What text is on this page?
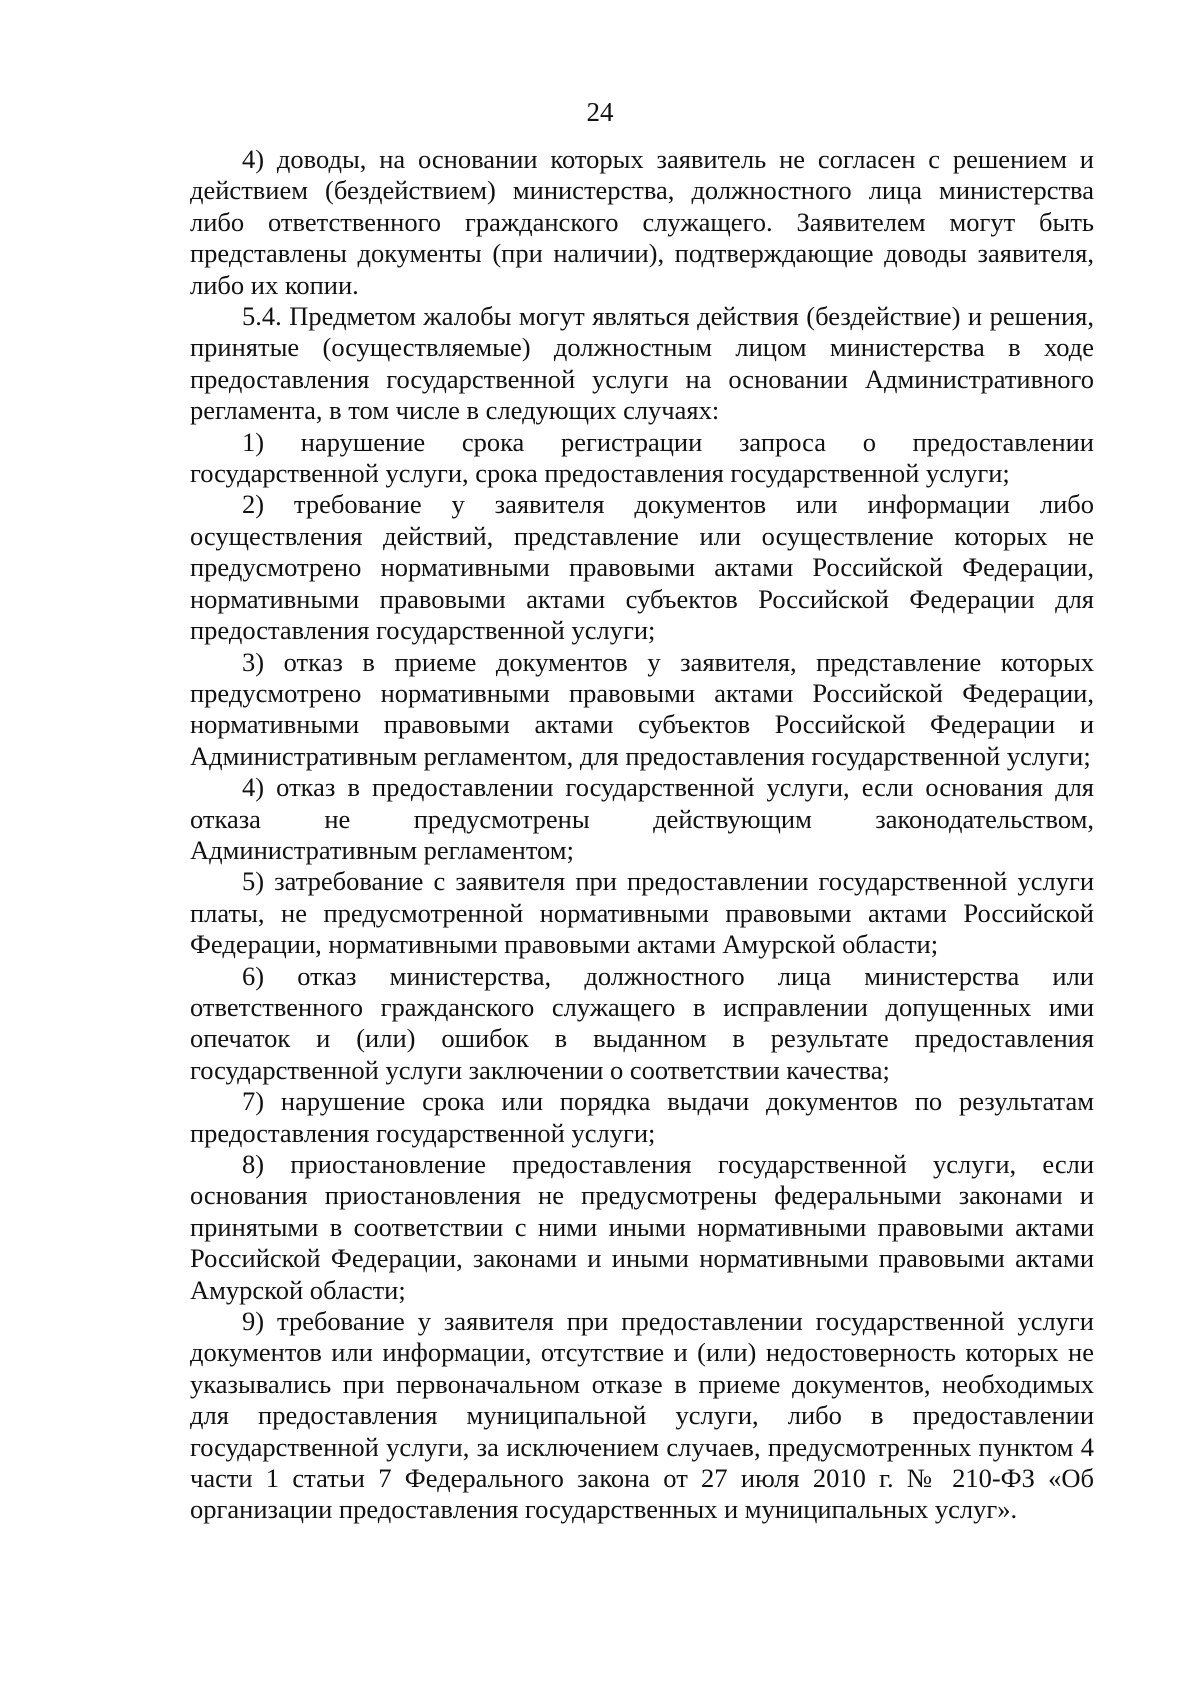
24

4) доводы, на основании которых заявитель не согласен с решением и действием (бездействием) министерства, должностного лица министерства либо ответственного гражданского служащего. Заявителем могут быть представлены документы (при наличии), подтверждающие доводы заявителя, либо их копии.

5.4. Предметом жалобы могут являться действия (бездействие) и решения, принятые (осуществляемые) должностным лицом министерства в ходе предоставления государственной услуги на основании Административного регламента, в том числе в следующих случаях:

1) нарушение срока регистрации запроса о предоставлении государственной услуги, срока предоставления государственной услуги;

2) требование у заявителя документов или информации либо осуществления действий, представление или осуществление которых не предусмотрено нормативными правовыми актами Российской Федерации, нормативными правовыми актами субъектов Российской Федерации для предоставления государственной услуги;

3) отказ в приеме документов у заявителя, представление которых предусмотрено нормативными правовыми актами Российской Федерации, нормативными правовыми актами субъектов Российской Федерации и Административным регламентом, для предоставления государственной услуги;

4) отказ в предоставлении государственной услуги, если основания для отказа не предусмотрены действующим законодательством, Административным регламентом;

5) затребование с заявителя при предоставлении государственной услуги платы, не предусмотренной нормативными правовыми актами Российской Федерации, нормативными правовыми актами Амурской области;

6) отказ министерства, должностного лица министерства или ответственного гражданского служащего в исправлении допущенных ими опечаток и (или) ошибок в выданном в результате предоставления государственной услуги заключении о соответствии качества;

7) нарушение срока или порядка выдачи документов по результатам предоставления государственной услуги;

8) приостановление предоставления государственной услуги, если основания приостановления не предусмотрены федеральными законами и принятыми в соответствии с ними иными нормативными правовыми актами Российской Федерации, законами и иными нормативными правовыми актами Амурской области;

9) требование у заявителя при предоставлении государственной услуги документов или информации, отсутствие и (или) недостоверность которых не указывались при первоначальном отказе в приеме документов, необходимых для предоставления муниципальной услуги, либо в предоставлении государственной услуги, за исключением случаев, предусмотренных пунктом 4 части 1 статьи 7 Федерального закона от 27 июля 2010 г. № 210-ФЗ «Об организации предоставления государственных и муниципальных услуг».
